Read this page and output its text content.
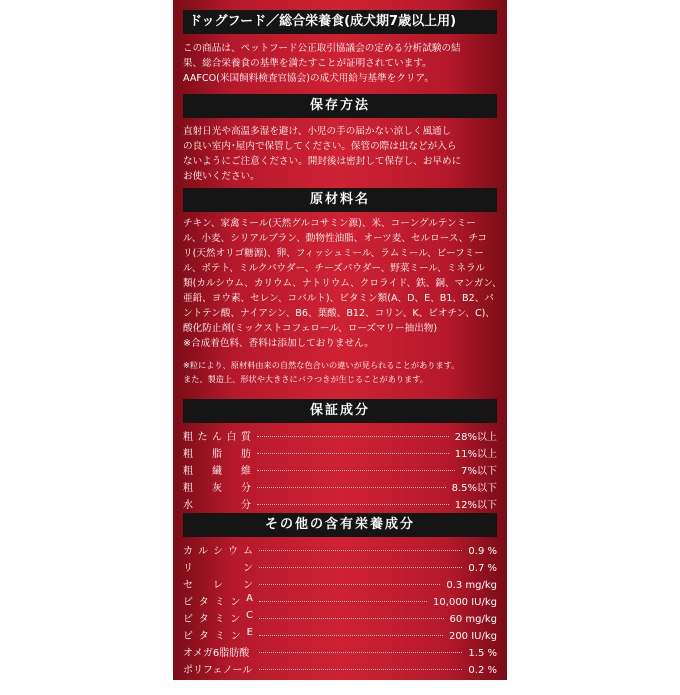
ドッグフード／総合栄養食(成犬期7歳以上用)
この商品は、ペットフード公正取引協議会の定める分析試験の結
果、総合栄養食の基準を満たすことが証明されています。
AAFCO(米国飼料検査官協会)の成犬用給与基準をクリア。
保存方法
直射日光や高温多湿を避け、小児の手の届かない涼しく風通し
の良い室内･屋内で保管してください。保管の際は虫などが入ら
ないようにご注意ください。開封後は密封して保存し、お早めに
お使いください。
原材料名
チキン、家禽ミール(天然グルコサミン源)、米、コーングルテンミー
ル、小麦、シリアルブラン、動物性油脂、オーツ麦、セルロース、チコ
リ(天然オリゴ糖源)、卵、フィッシュミール、ラムミール、ビーフミー
ル、ポテト、ミルクパウダー、チーズパウダー、野菜ミール、ミネラル
類(カルシウム、カリウム、ナトリウム、クロライド、鉄、銅、マンガン、
亜鉛、ヨウ素、セレン、コバルト)、ビタミン類(A、D、E、B1、B2、パ
ントテン酸、ナイアシン、B6、葉酸、B12、コリン、K、ビオチン、C)、
酸化防止剤(ミックストコフェロール、ローズマリー抽出物)
※合成着色料、香料は添加しておりません。
※粒により、原材料由来の自然な色合いの違いが見られることがあります。
また、製造上、形状や大きさにバラつきが生じることがあります。
保証成分
粗 た ん 白 質	28%以上
粗 脂 肪	11%以上
粗 繊 維	7%以下
粗 灰 分	8.5%以下
水	分	12%以下
その他の含有栄養成分
カ ル シ ウ ム	0.9 %
リ	ン	0.7 %
セ レ ン	0.3 mg/kg
ビ タ ミ ン A	10,000 IU/kg
ビ タ ミ ン C	60 mg/kg
ビ タ ミ ン E	200 IU/kg
オメガ6脂肪酸	1.5 %
ポリフェノール	0.2 %
グルコサミン	350 ppm
